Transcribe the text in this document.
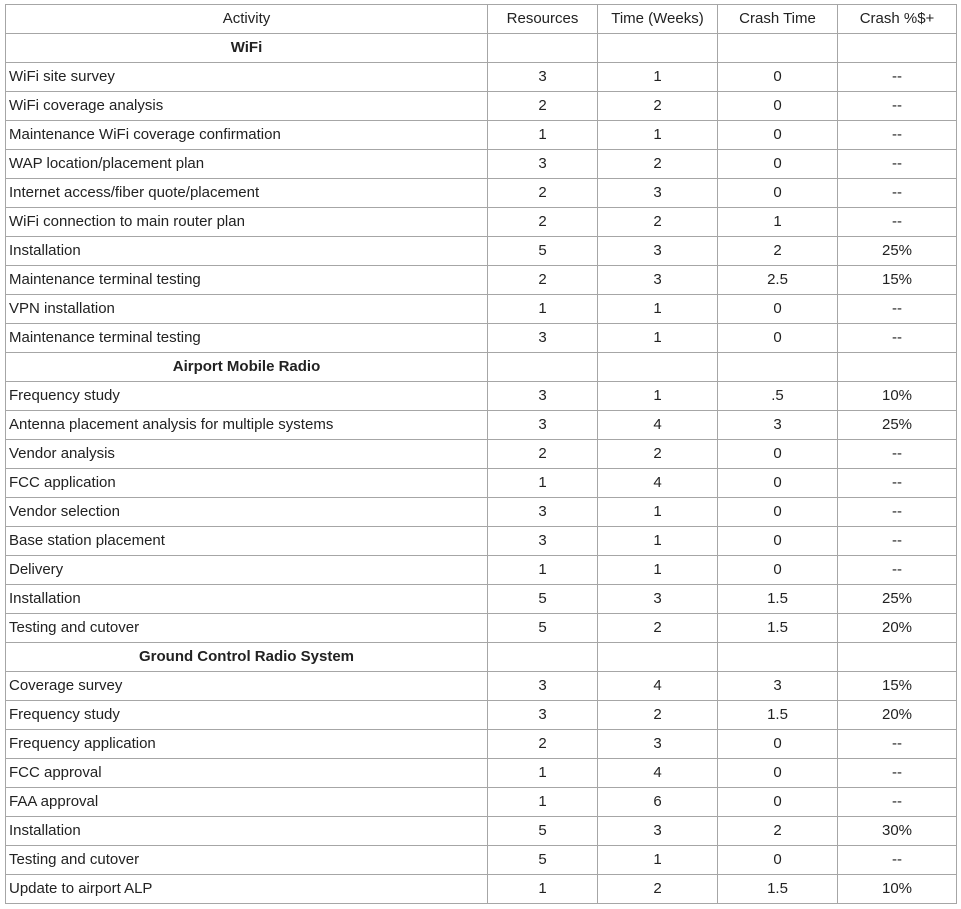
Activity	Resources	Time (Weeks)	Crash Time	Crash %$+
WiFi				
WiFi site survey	3	1	0	--
WiFi coverage analysis	2	2	0	--
Maintenance WiFi coverage confirmation	1	1	0	--
WAP location/placement plan	3	2	0	--
Internet access/fiber quote/placement	2	3	0	--
WiFi connection to main router plan	2	2	1	--
Installation	5	3	2	25%
Maintenance terminal testing	2	3	2.5	15%
VPN installation	1	1	0	--
Maintenance terminal testing	3	1	0	--
Airport Mobile Radio				
Frequency study	3	1	.5	10%
Antenna placement analysis for multiple systems	3	4	3	25%
Vendor analysis	2	2	0	--
FCC application	1	4	0	--
Vendor selection	3	1	0	--
Base station placement	3	1	0	--
Delivery	1	1	0	--
Installation	5	3	1.5	25%
Testing and cutover	5	2	1.5	20%
Ground Control Radio System				
Coverage survey	3	4	3	15%
Frequency study	3	2	1.5	20%
Frequency application	2	3	0	--
FCC approval	1	4	0	--
FAA approval	1	6	0	--
Installation	5	3	2	30%
Testing and cutover	5	1	0	--
Update to airport ALP	1	2	1.5	10%
